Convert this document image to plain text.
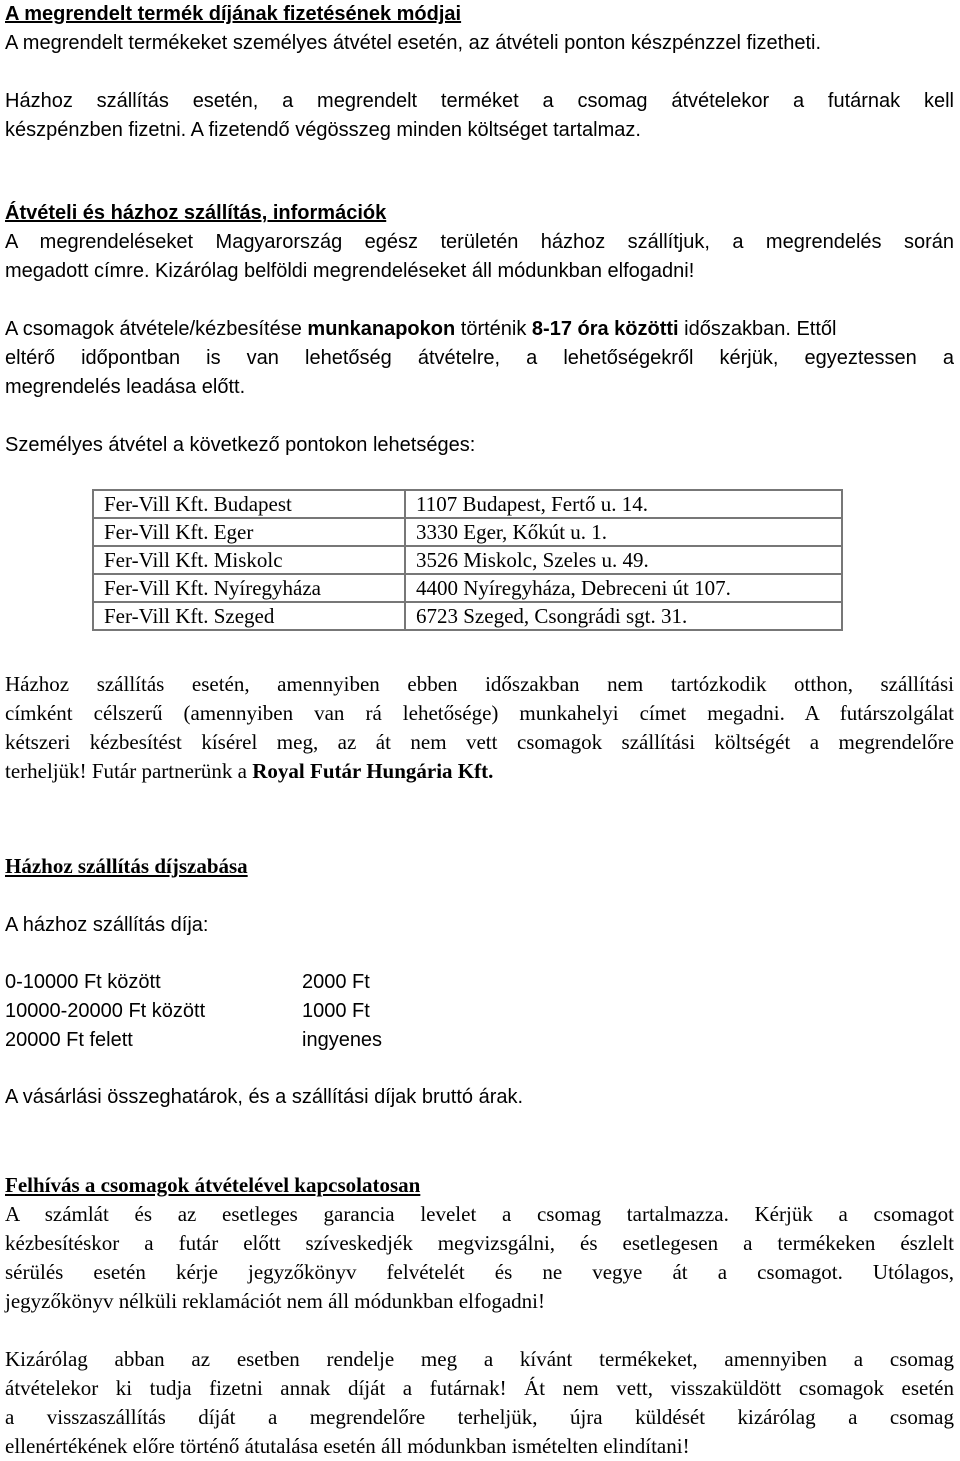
A megrendelt termék díjának fizetésének módjai
A megrendelt termékeket személyes átvétel esetén, az átvételi ponton készpénzzel fizetheti.
Házhoz szállítás esetén, a megrendelt terméket a csomag átvételekor a futárnak kell
készpénzben fizetni. A fizetendő végösszeg minden költséget tartalmaz.
Átvételi és házhoz szállítás, információk
A megrendeléseket Magyarország egész területén házhoz szállítjuk, a megrendelés során
megadott címre. Kizárólag belföldi megrendeléseket áll módunkban elfogadni!
A csomagok átvétele/kézbesítése munkanapokon történik 8-17 óra közötti időszakban. Ettől
eltérő időpontban is van lehetőség átvételre, a lehetőségekről kérjük, egyeztessen a
megrendelés leadása előtt.
Személyes átvétel a következő pontokon lehetséges:
Fer-Vill Kft. Budapest	1107 Budapest, Fertő u. 14.
Fer-Vill Kft. Eger	3330 Eger, Kőkút u. 1.
Fer-Vill Kft. Miskolc	3526 Miskolc, Szeles u. 49.
Fer-Vill Kft. Nyíregyháza	4400 Nyíregyháza, Debreceni út 107.
Fer-Vill Kft. Szeged	6723 Szeged, Csongrádi sgt. 31.
Házhoz szállítás esetén, amennyiben ebben időszakban nem tartózkodik otthon, szállítási
címként célszerű (amennyiben van rá lehetősége) munkahelyi címet megadni. A futárszolgálat
kétszeri kézbesítést kísérel meg, az át nem vett csomagok szállítási költségét a megrendelőre
terheljük! Futár partnerünk a Royal Futár Hungária Kft.
Házhoz szállítás díjszabása
A házhoz szállítás díja:
0-10000 Ft között	2000 Ft
10000-20000 Ft között	1000 Ft
20000 Ft felett	ingyenes
A vásárlási összeghatárok, és a szállítási díjak bruttó árak.
Felhívás a csomagok átvételével kapcsolatosan
A számlát és az esetleges garancia levelet a csomag tartalmazza. Kérjük a csomagot
kézbesítéskor a futár előtt szíveskedjék megvizsgálni, és esetlegesen a termékeken észlelt
sérülés esetén kérje jegyzőkönyv felvételét és ne vegye át a csomagot. Utólagos,
jegyzőkönyv nélküli reklamációt nem áll módunkban elfogadni!
Kizárólag abban az esetben rendelje meg a kívánt termékeket, amennyiben a csomag
átvételekor ki tudja fizetni annak díját a futárnak! Át nem vett, visszaküldött csomagok esetén
a visszaszállítás díját a megrendelőre terheljük, újra küldését kizárólag a csomag
ellenértékének előre történő átutalása esetén áll módunkban ismételten elindítani!
